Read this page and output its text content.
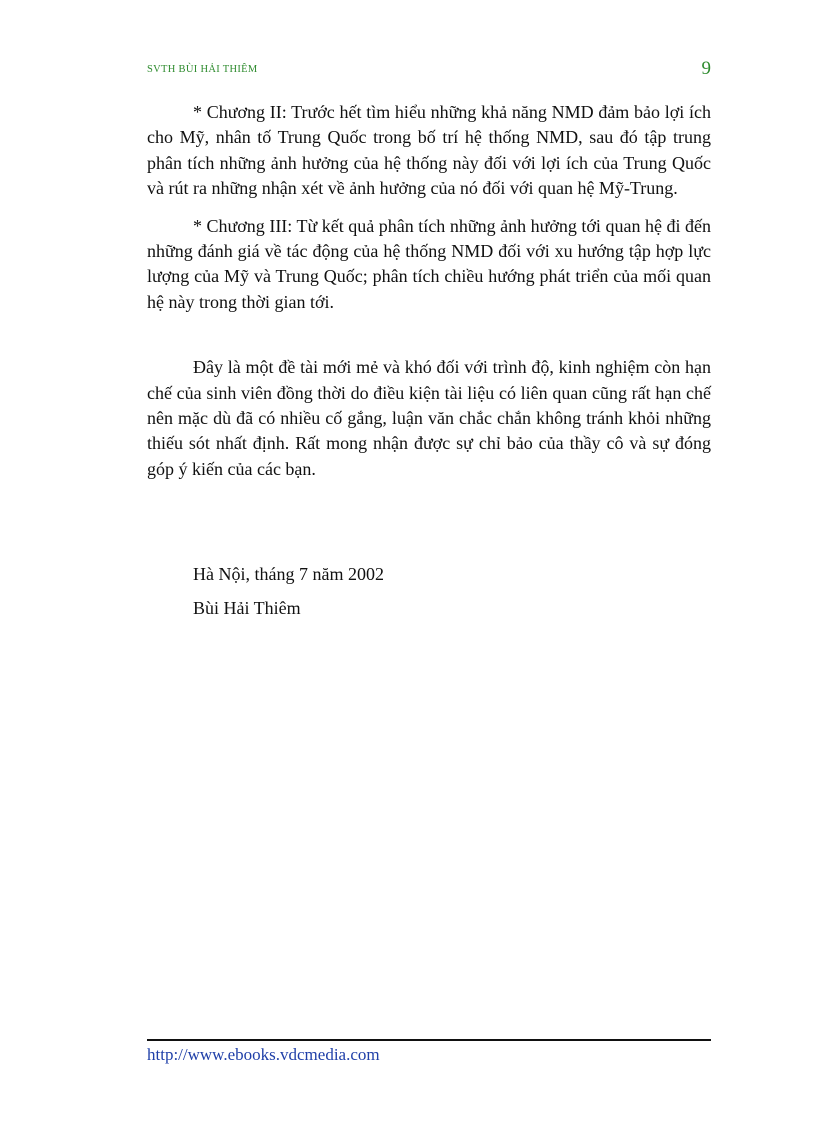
SVTH BÙI HẢI THIÊM	9

* Chương II: Trước hết tìm hiểu những khả năng NMD đảm bảo lợi ích cho Mỹ, nhân tố Trung Quốc trong bố trí hệ thống NMD, sau đó tập trung phân tích những ảnh hưởng của hệ thống này đối với lợi ích của Trung Quốc và rút ra những nhận xét về ảnh hưởng của nó đối với quan hệ Mỹ-Trung.

* Chương III: Từ kết quả phân tích những ảnh hưởng tới quan hệ đi đến những đánh giá về tác động của hệ thống NMD đối với xu hướng tập hợp lực lượng của Mỹ và Trung Quốc; phân tích chiều hướng phát triển của mối quan hệ này trong thời gian tới.

Đây là một đề tài mới mẻ và khó đối với trình độ, kinh nghiệm còn hạn chế của sinh viên đồng thời do điều kiện tài liệu có liên quan cũng rất hạn chế nên mặc dù đã có nhiều cố gắng, luận văn chắc chắn không tránh khỏi những thiếu sót nhất định. Rất mong nhận được sự chỉ bảo của thầy cô và sự đóng góp ý kiến của các bạn.

Hà Nội, tháng 7 năm 2002
Bùi Hải Thiêm
http://www.ebooks.vdcmedia.com
